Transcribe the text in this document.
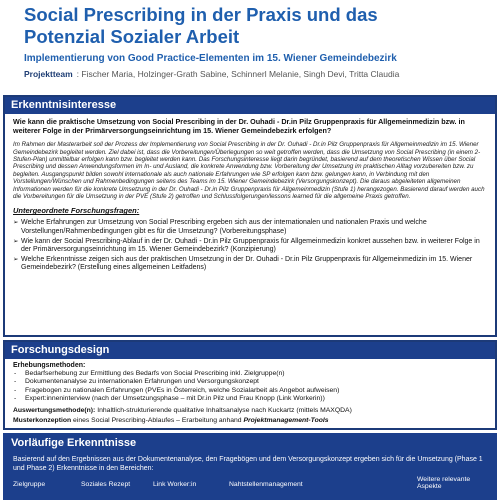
Social Prescribing in der Praxis und das
Potenzial Sozialer Arbeit
Implementierung von Good Practice-Elementen im 15. Wiener Gemeindebezirk
Projektteam : Fischer Maria, Holzinger-Grath Sabine, Schinnerl Melanie, Singh Devi, Tritta Claudia
Erkenntnisinteresse
Wie kann die praktische Umsetzung von Social Prescribing in der Dr. Ouhadi - Dr.in Pilz Gruppenpraxis für Allgemeinmedizin bzw. in weiterer Folge in der Primärversorgungseinrichtung im 15. Wiener Gemeindebezirk erfolgen?
Im Rahmen der Masterarbeit soll der Prozess der Implementierung von Social Prescribing in der Dr. Ouhadi - Dr.in Pilz Gruppenpraxis für Allgemeinmedizin im 15. Wiener Gemeindebezirk begleitet werden. Ziel dabei ist, dass die Vorbereitungen/Überlegungen so weit getroffen werden, dass die Umsetzung von Social Prescribing (in einem 2-Stufen-Plan) unmittelbar erfolgen kann bzw. begleitet werden kann. Das Forschungsinteresse liegt darin begründet, basierend auf dem theoretischen Wissen über Social Prescribing und dessen Anwendungsformen im In- und Ausland, die konkrete Anwendung bzw. Vorbereitung der Umsetzung im praktischen Alltag vorzubereiten bzw. zu begleiten. Ausgangspunkt bilden sowohl internationale als auch nationale Erfahrungen wie SP erfolgen kann bzw. gelungen kann, in Verbindung mit den Vorstellungen/Wünschen und Rahmenbedingungen seitens des Teams im 15. Wiener Gemeindebezirk (Versorgungskonzept). Die daraus abgeleiteten allgemeinen Informationen werden für die konkrete Umsetzung in der Dr. Ouhadi - Dr.in Pilz Gruppenpraxis für Allgemeinmedizin (Stufe 1) herangezogen. Basierend darauf werden auch die Vorbereitungen für die Umsetzung in der PVE (Stufe 2) getroffen und Schlussfolgerungen/lessons learned für die allgemeine Praxis getroffen.
Untergeordnete Forschungsfragen:
➢ Welche Erfahrungen zur Umsetzung von Social Prescribing ergeben sich aus der internationalen und nationalen Praxis und welche Vorstellungen/Rahmenbedingungen gibt es für die Umsetzung? (Vorbereitungsphase)
➢ Wie kann der Social Prescribing-Ablauf in der Dr. Ouhadi - Dr.in Pilz Gruppenpraxis für Allgemeinmedizin konkret aussehen bzw. in weiterer Folge in der Primärversorgungseinrichtung im 15. Wiener Gemeindebezirk? (Konzipierung)
➢ Welche Erkenntnisse zeigen sich aus der praktischen Umsetzung in der Dr. Ouhadi - Dr.in Pilz Gruppenpraxis für Allgemeinmedizin im 15. Wiener Gemeindebezirk? (Erstellung eines allgemeinen Leitfadens)
Forschungsdesign
Erhebungsmethoden:
- Bedarfserhebung zur Ermittlung des Bedarfs von Social Prescribing inkl. Zielgruppe(n)
- Dokumentenanalyse zu internationalen Erfahrungen und Versorgungskonzept
- Fragebogen zu nationalen Erfahrungen (PVEs in Österreich, welche Sozialarbeit als Angebot aufweisen)
- Expert:inneninterview (nach der Umsetzungsphase – mit Dr.in Pilz und Frau Knopp (Link Workerin))
Auswertungsmethode(n): Inhaltlich-strukturierende qualitative Inhaltsanalyse nach Kuckartz (mittels MAXQDA)
Musterkonzeption eines Social Prescribing-Ablaufes – Erarbeitung anhand Projektmanagement-Tools
Vorläufige Erkenntnisse
Basierend auf den Ergebnissen aus der Dokumentenanalyse, den Fragebögen und dem Versorgungskonzept ergeben sich für die Umsetzung (Phase 1 und Phase 2) Erkenntnisse in den Bereichen:
Zielgruppe	Soziales Rezept	Link Worker:in	Nahtstellenmanagement
Weitere relevante Aspekte
